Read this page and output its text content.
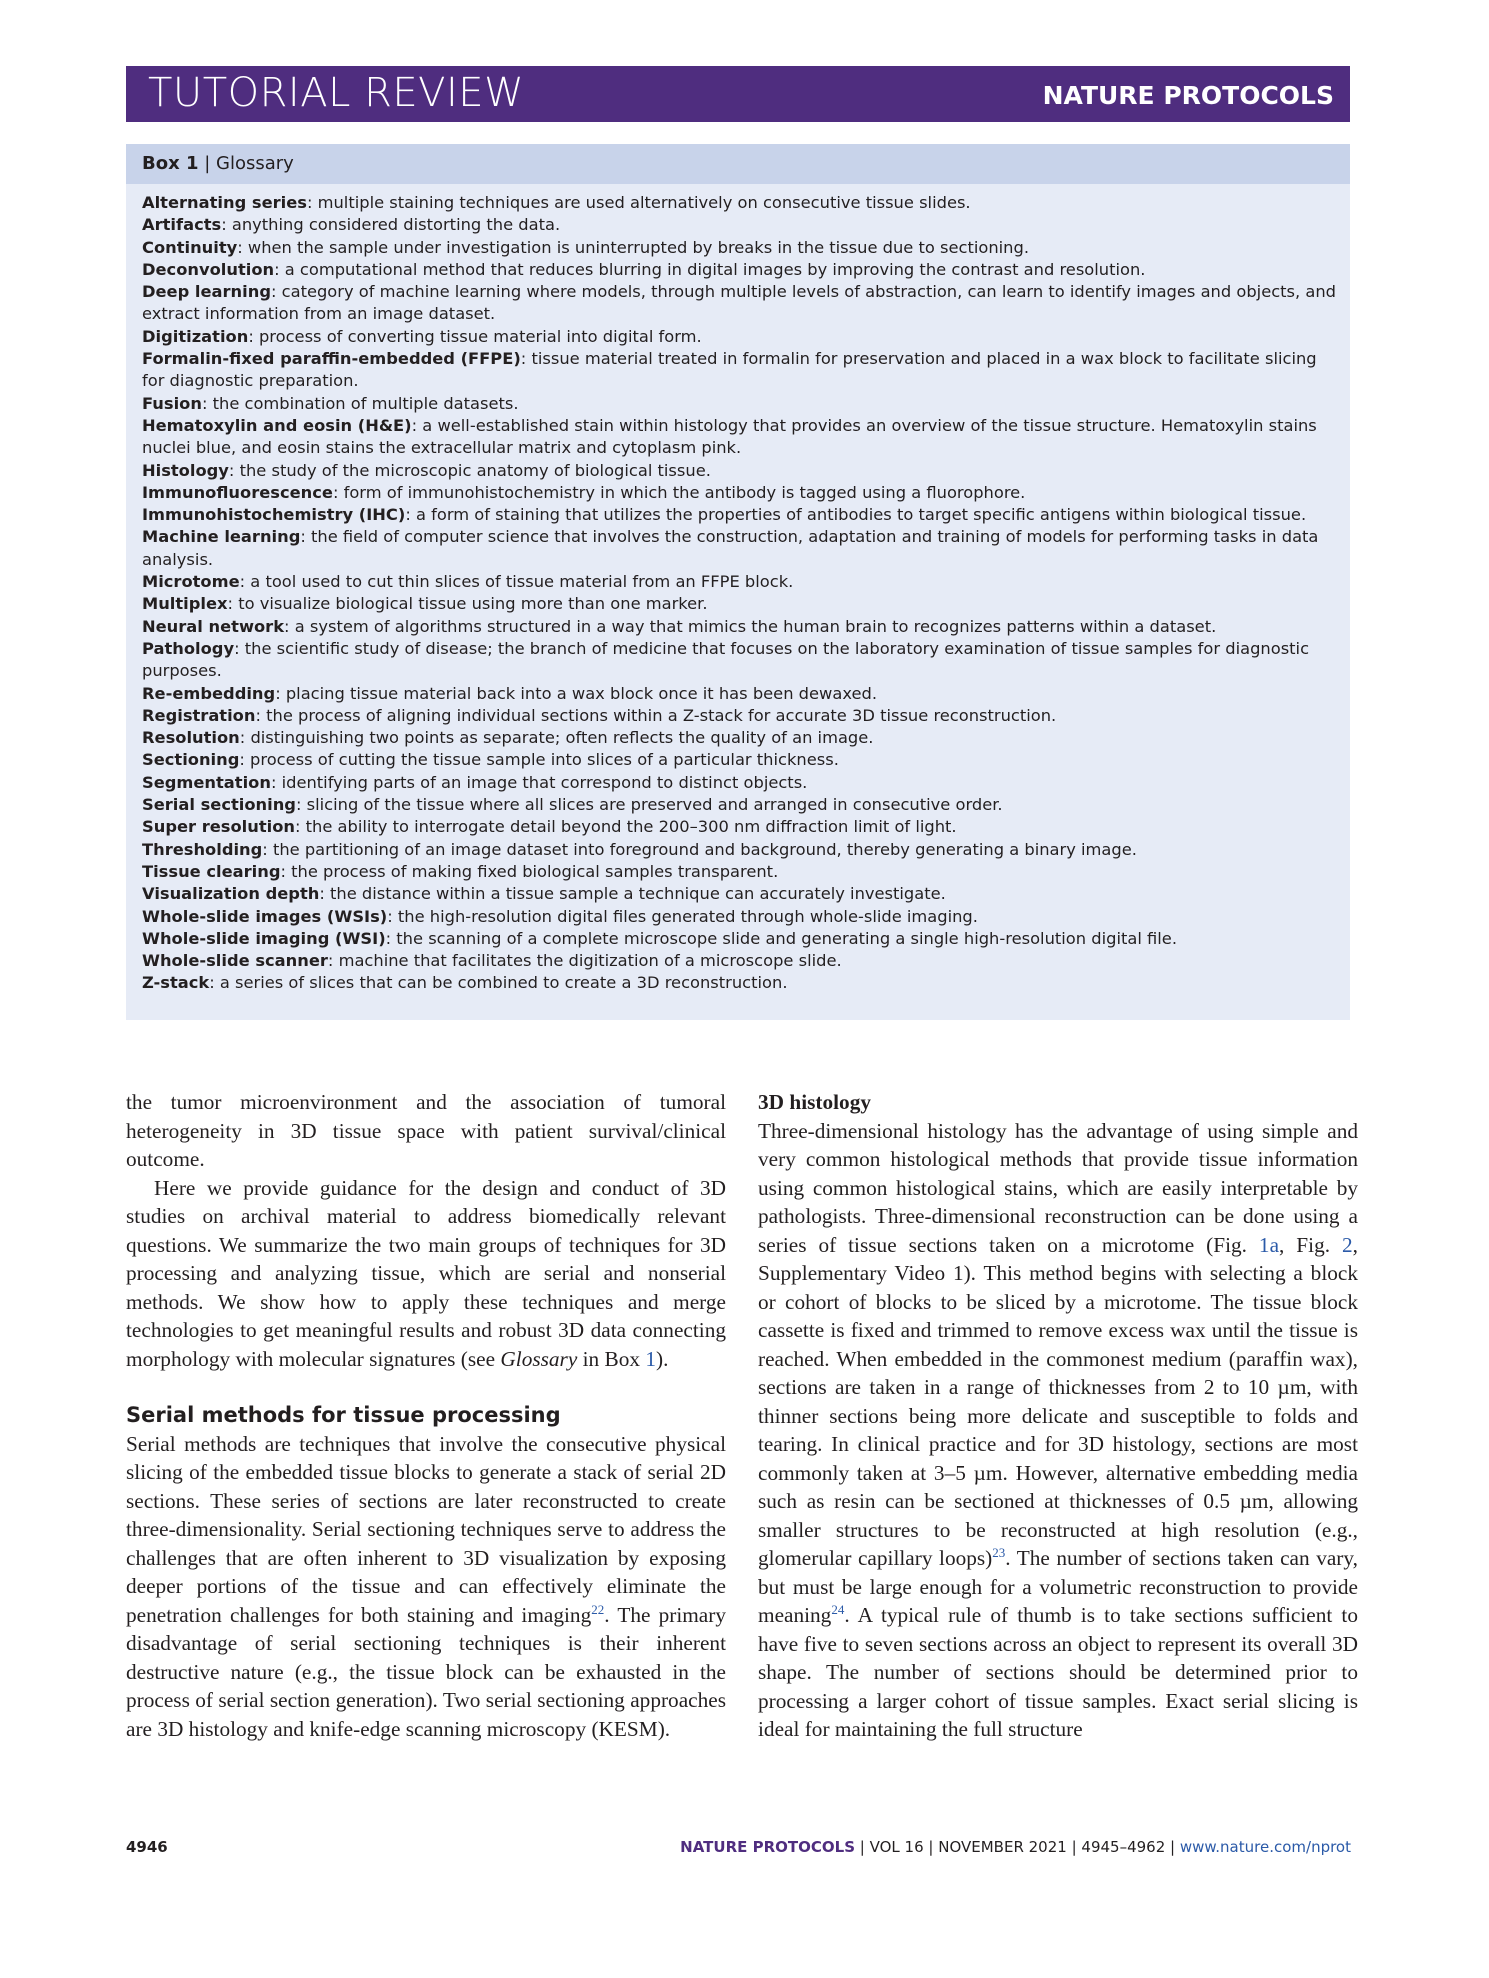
TUTORIAL REVIEW	NATURE PROTOCOLS
Box 1 | Glossary

Alternating series: multiple staining techniques are used alternatively on consecutive tissue slides.

Artifacts: anything considered distorting the data.

Continuity: when the sample under investigation is uninterrupted by breaks in the tissue due to sectioning.

Deconvolution: a computational method that reduces blurring in digital images by improving the contrast and resolution.

Deep learning: category of machine learning where models, through multiple levels of abstraction, can learn to identify images and objects, and extract information from an image dataset.

Digitization: process of converting tissue material into digital form.

Formalin-fixed paraffin-embedded (FFPE): tissue material treated in formalin for preservation and placed in a wax block to facilitate slicing for diagnostic preparation.

Fusion: the combination of multiple datasets.

Hematoxylin and eosin (H&E): a well-established stain within histology that provides an overview of the tissue structure. Hematoxylin stains nuclei blue, and eosin stains the extracellular matrix and cytoplasm pink.

Histology: the study of the microscopic anatomy of biological tissue.

Immunofluorescence: form of immunohistochemistry in which the antibody is tagged using a fluorophore.

Immunohistochemistry (IHC): a form of staining that utilizes the properties of antibodies to target specific antigens within biological tissue.

Machine learning: the field of computer science that involves the construction, adaptation and training of models for performing tasks in data analysis.

Microtome: a tool used to cut thin slices of tissue material from an FFPE block.

Multiplex: to visualize biological tissue using more than one marker.

Neural network: a system of algorithms structured in a way that mimics the human brain to recognizes patterns within a dataset.

Pathology: the scientific study of disease; the branch of medicine that focuses on the laboratory examination of tissue samples for diagnostic purposes.

Re-embedding: placing tissue material back into a wax block once it has been dewaxed.

Registration: the process of aligning individual sections within a Z-stack for accurate 3D tissue reconstruction.

Resolution: distinguishing two points as separate; often reflects the quality of an image.

Sectioning: process of cutting the tissue sample into slices of a particular thickness.

Segmentation: identifying parts of an image that correspond to distinct objects.

Serial sectioning: slicing of the tissue where all slices are preserved and arranged in consecutive order.

Super resolution: the ability to interrogate detail beyond the 200–300 nm diffraction limit of light.

Thresholding: the partitioning of an image dataset into foreground and background, thereby generating a binary image.

Tissue clearing: the process of making fixed biological samples transparent.

Visualization depth: the distance within a tissue sample a technique can accurately investigate.

Whole-slide images (WSIs): the high-resolution digital files generated through whole-slide imaging.

Whole-slide imaging (WSI): the scanning of a complete microscope slide and generating a single high-resolution digital file.

Whole-slide scanner: machine that facilitates the digitization of a microscope slide.

Z-stack: a series of slices that can be combined to create a 3D reconstruction.

the tumor microenvironment and the association of tumoral heterogeneity in 3D tissue space with patient survival/clinical outcome.

Here we provide guidance for the design and conduct of 3D studies on archival material to address biomedically relevant questions. We summarize the two main groups of techniques for 3D processing and analyzing tissue, which are serial and nonserial methods. We show how to apply these techniques and merge technologies to get meaningful results and robust 3D data connecting morphology with molecular signatures (see Glossary in Box 1).

Serial methods for tissue processing

Serial methods are techniques that involve the consecutive physical slicing of the embedded tissue blocks to generate a stack of serial 2D sections. These series of sections are later reconstructed to create three-dimensionality. Serial sectioning techniques serve to address the challenges that are often inherent to 3D visualization by exposing deeper portions of the tissue and can effectively eliminate the penetration challenges for both staining and imaging$^{22}$. The primary disadvantage of serial sectioning techniques is their inherent destructive nature (e.g., the tissue block can be exhausted in the process of serial section generation). Two serial sectioning approaches are 3D histology and knife-edge scanning microscopy (KESM).

3D histology

Three-dimensional histology has the advantage of using simple and very common histological methods that provide tissue information using common histological stains, which are easily interpretable by pathologists. Three-dimensional reconstruction can be done using a series of tissue sections taken on a microtome (Fig. 1a, Fig. 2, Supplementary Video 1). This method begins with selecting a block or cohort of blocks to be sliced by a microtome. The tissue block cassette is fixed and trimmed to remove excess wax until the tissue is reached. When embedded in the commonest medium (paraffin wax), sections are taken in a range of thicknesses from 2 to 10 µm, with thinner sections being more delicate and susceptible to folds and tearing. In clinical practice and for 3D histology, sections are most commonly taken at 3–5 µm. However, alternative embedding media such as resin can be sectioned at thicknesses of 0.5 µm, allowing smaller structures to be reconstructed at high resolution (e.g., glomerular capillary loops)$^{23}$. The number of sections taken can vary, but must be large enough for a volumetric reconstruction to provide meaning$^{24}$. A typical rule of thumb is to take sections sufficient to have five to seven sections across an object to represent its overall 3D shape. The number of sections should be determined prior to processing a larger cohort of tissue samples. Exact serial slicing is ideal for maintaining the full structure

4946	NATURE PROTOCOLS | VOL 16 | NOVEMBER 2021 | 4945–4962 | www.nature.com/nprot
